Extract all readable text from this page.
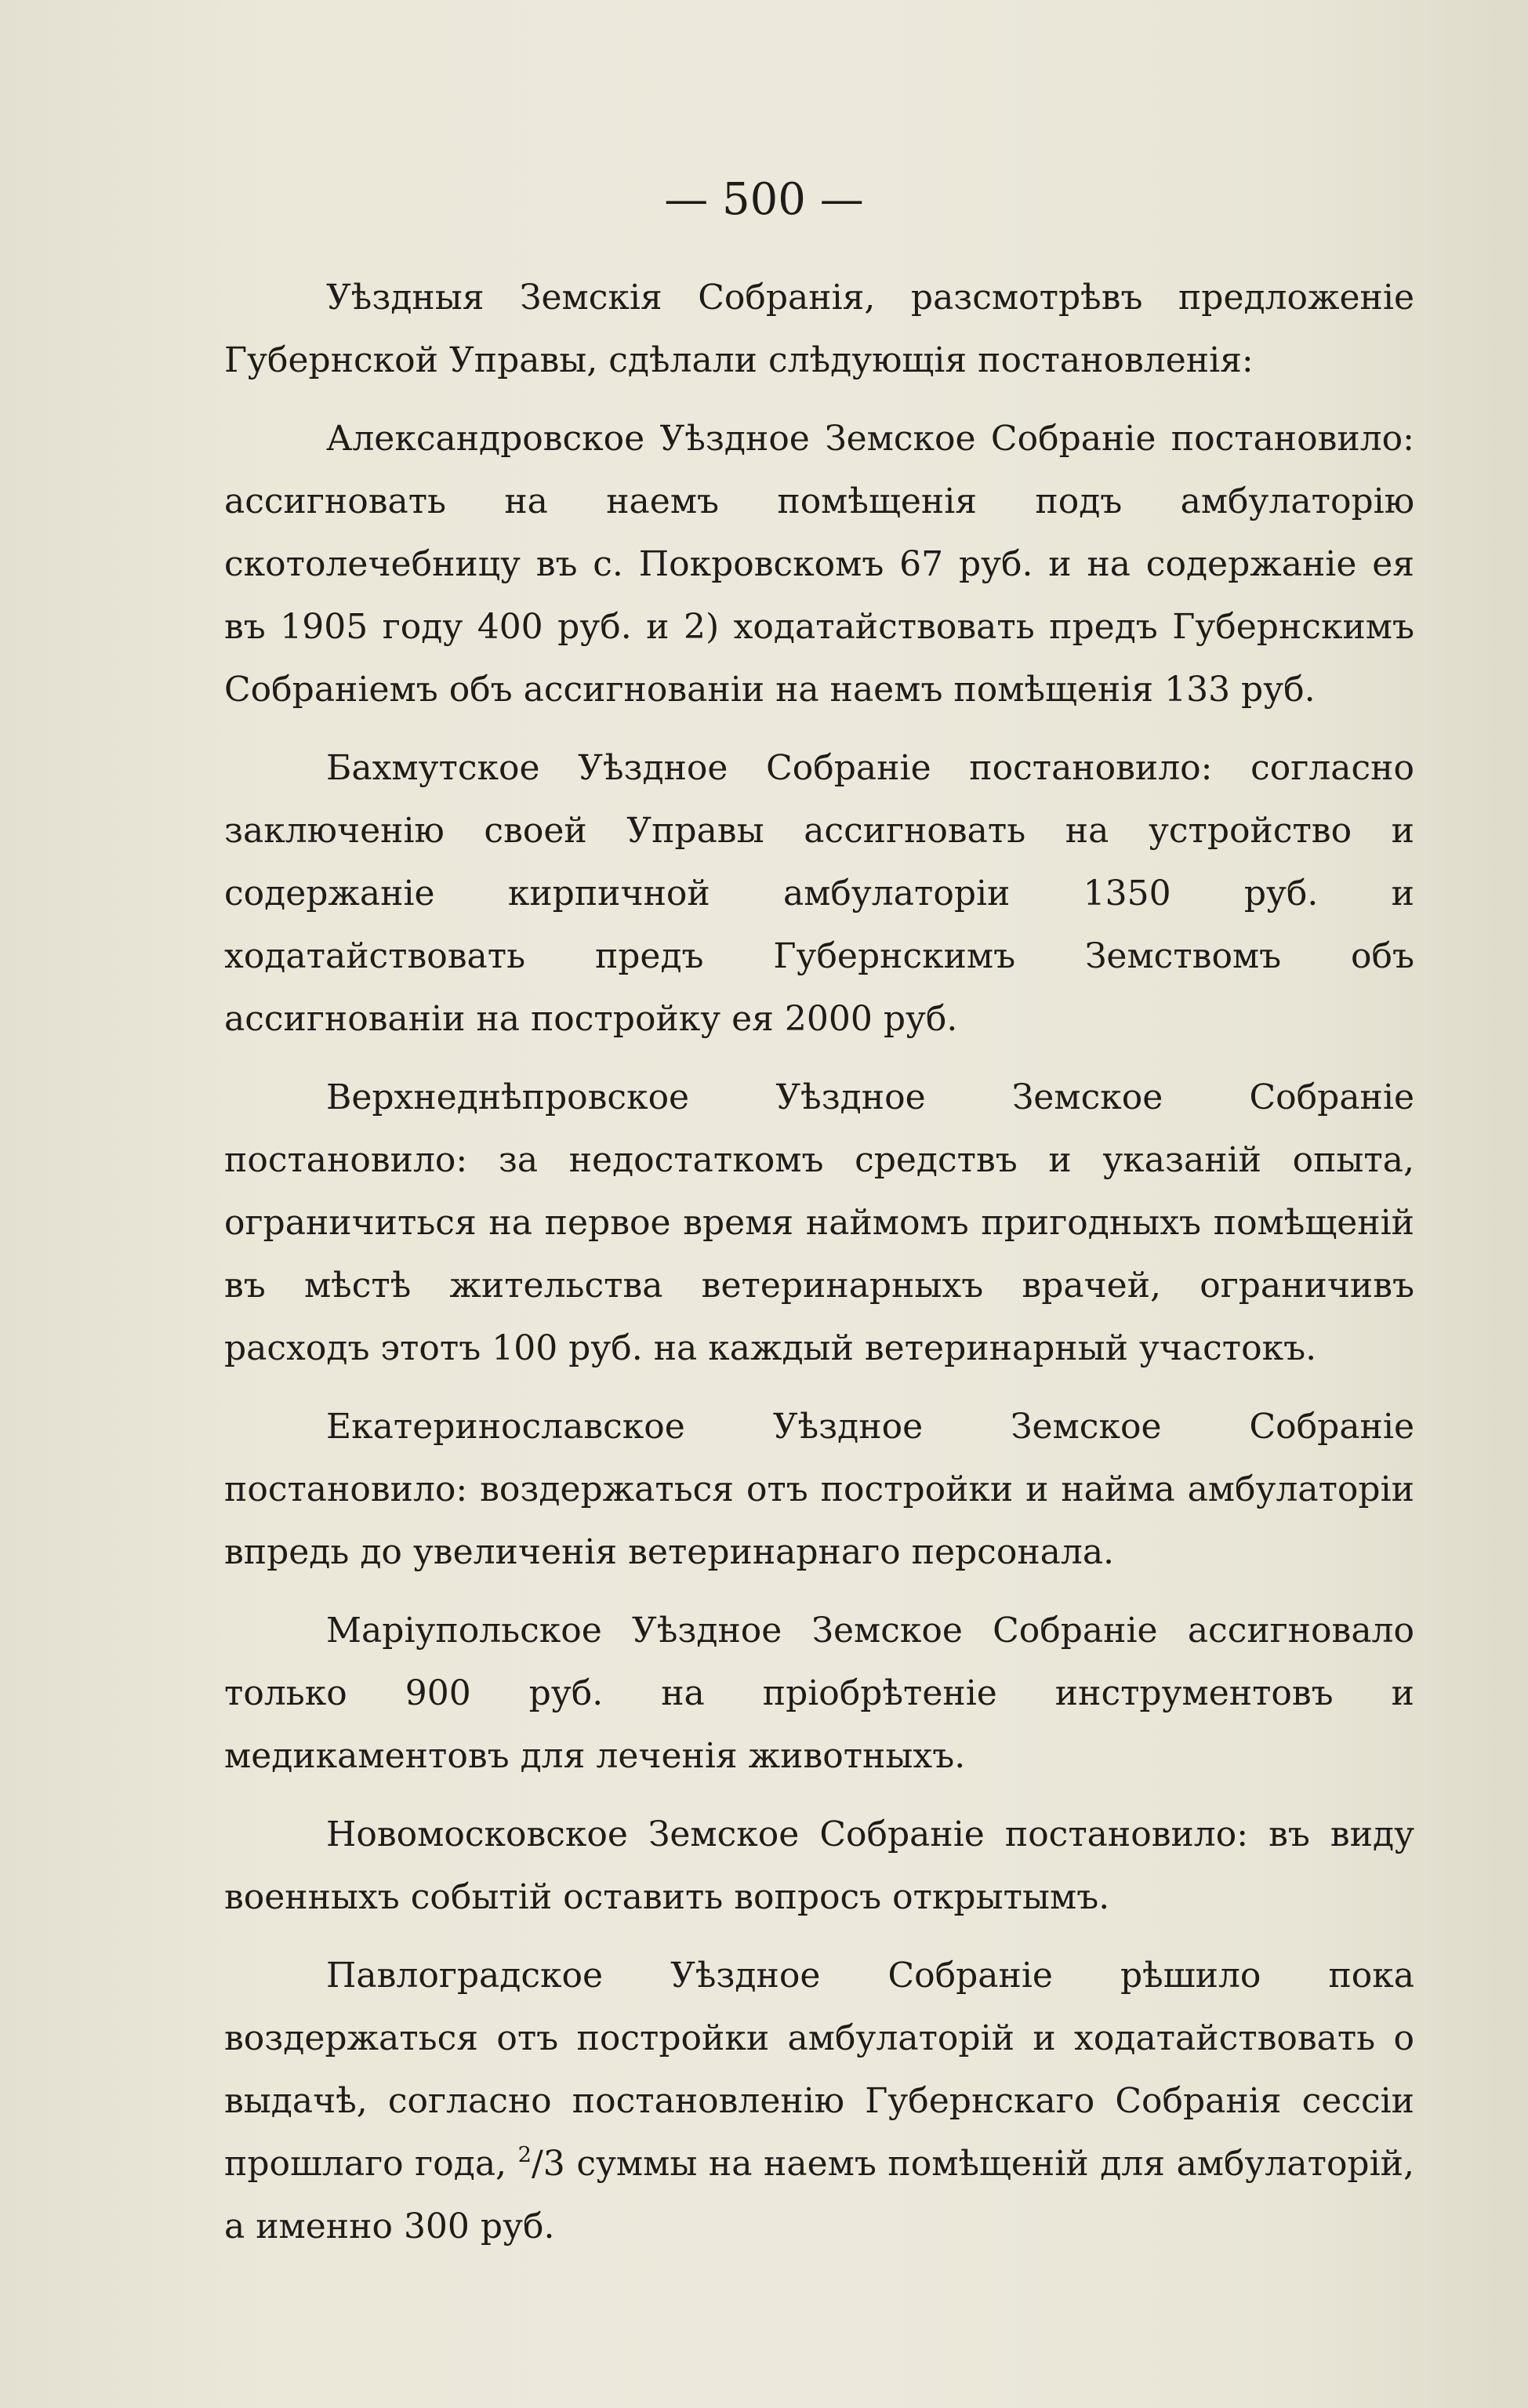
— 500 —

Уѣздныя Земскія Собранія, разсмотрѣвъ предложеніе Губернской Управы, сдѣлали слѣдующія постановленія:

Александровское Уѣздное Земское Собраніе постановило: ассигновать на наемъ помѣщенія подъ амбулаторію скотолечебницу въ с. Покровскомъ 67 руб. и на содержаніе ея въ 1905 году 400 руб. и 2) ходатайствовать предъ Губернскимъ Собраніемъ объ ассигнованіи на наемъ помѣщенія 133 руб.

Бахмутское Уѣздное Собраніе постановило: согласно заключенію своей Управы ассигновать на устройство и содержаніе кирпичной амбулаторіи 1350 руб. и ходатайствовать предъ Губернскимъ Земствомъ объ ассигнованіи на постройку ея 2000 руб.

Верхнеднѣпровское Уѣздное Земское Собраніе постановило: за недостаткомъ средствъ и указаній опыта, ограничиться на первое время наймомъ пригодныхъ помѣщеній въ мѣстѣ жительства ветеринарныхъ врачей, ограничивъ расходъ этотъ 100 руб. на каждый ветеринарный участокъ.

Екатеринославское Уѣздное Земское Собраніе постановило: воздержаться отъ постройки и найма амбулаторіи впредь до увеличенія ветеринарнаго персонала.

Маріупольское Уѣздное Земское Собраніе ассигновало только 900 руб. на пріобрѣтеніе инструментовъ и медикаментовъ для леченія животныхъ.

Новомосковское Земское Собраніе постановило: въ виду военныхъ событій оставить вопросъ открытымъ.

Павлоградское Уѣздное Собраніе рѣшило пока воздержаться отъ постройки амбулаторій и ходатайствовать о выдачѣ, согласно постановленію Губернскаго Собранія сессіи прошлаго года, $^2$/3 суммы на наемъ помѣщеній для амбулаторій, а именно 300 руб.
